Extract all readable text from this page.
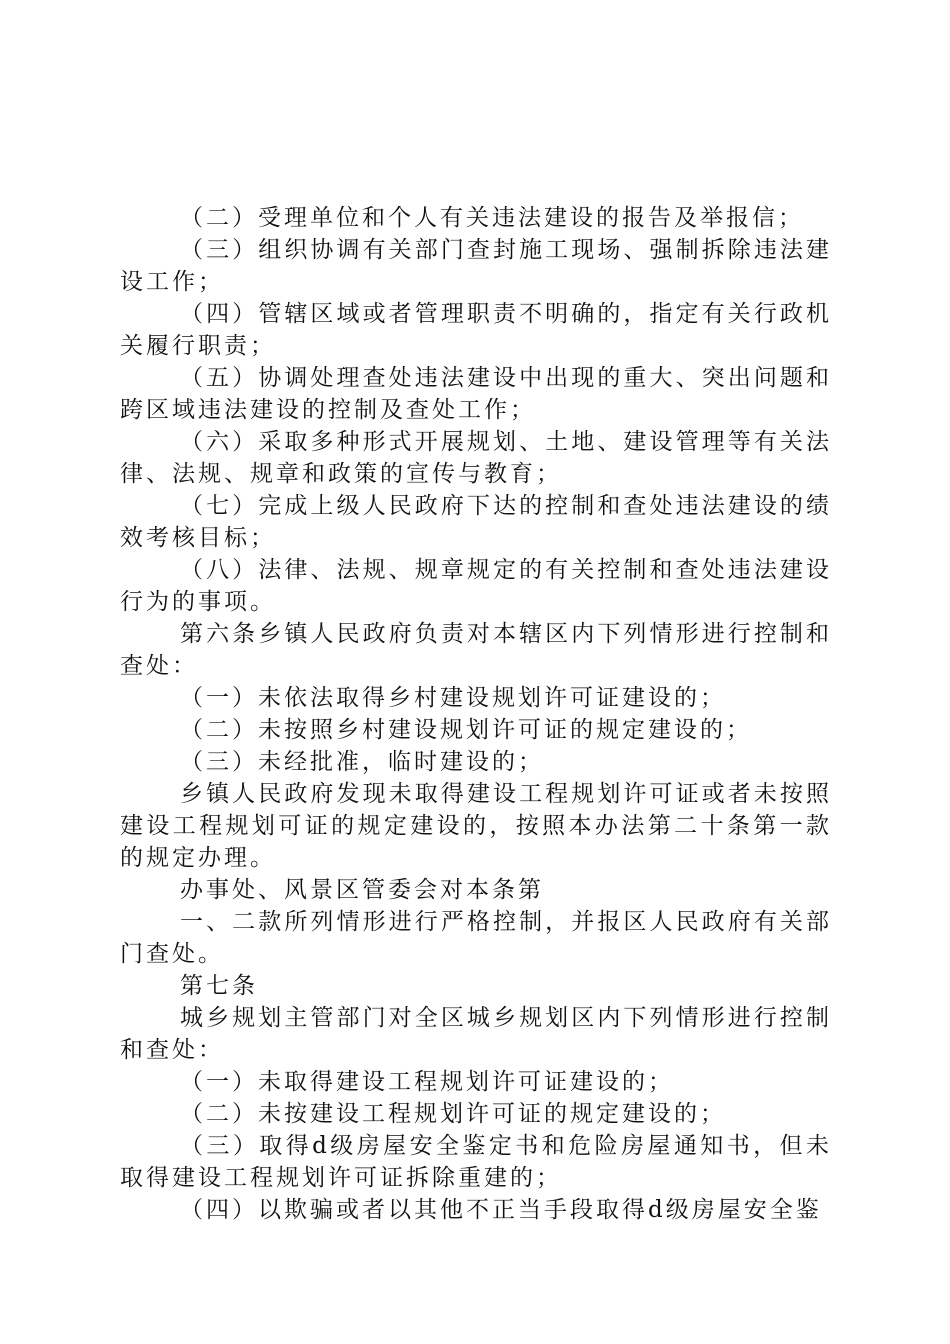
（二）受理单位和个人有关违法建设的报告及举报信；

（三）组织协调有关部门查封施工现场、强制拆除违法建设工作；

（四）管辖区域或者管理职责不明确的，指定有关行政机关履行职责；

（五）协调处理查处违法建设中出现的重大、突出问题和跨区域违法建设的控制及查处工作；

（六）采取多种形式开展规划、土地、建设管理等有关法律、法规、规章和政策的宣传与教育；

（七）完成上级人民政府下达的控制和查处违法建设的绩效考核目标；

（八）法律、法规、规章规定的有关控制和查处违法建设行为的事项。

第六条乡镇人民政府负责对本辖区内下列情形进行控制和查处：

（一）未依法取得乡村建设规划许可证建设的；

（二）未按照乡村建设规划许可证的规定建设的；

（三）未经批准，临时建设的；

乡镇人民政府发现未取得建设工程规划许可证或者未按照建设工程规划可证的规定建设的，按照本办法第二十条第一款的规定办理。

办事处、风景区管委会对本条第

一、二款所列情形进行严格控制，并报区人民政府有关部门查处。

第七条

城乡规划主管部门对全区城乡规划区内下列情形进行控制和查处：

（一）未取得建设工程规划许可证建设的；

（二）未按建设工程规划许可证的规定建设的；

（三）取得d级房屋安全鉴定书和危险房屋通知书，但未取得建设工程规划许可证拆除重建的；

（四）以欺骗或者以其他不正当手段取得d级房屋安全鉴
